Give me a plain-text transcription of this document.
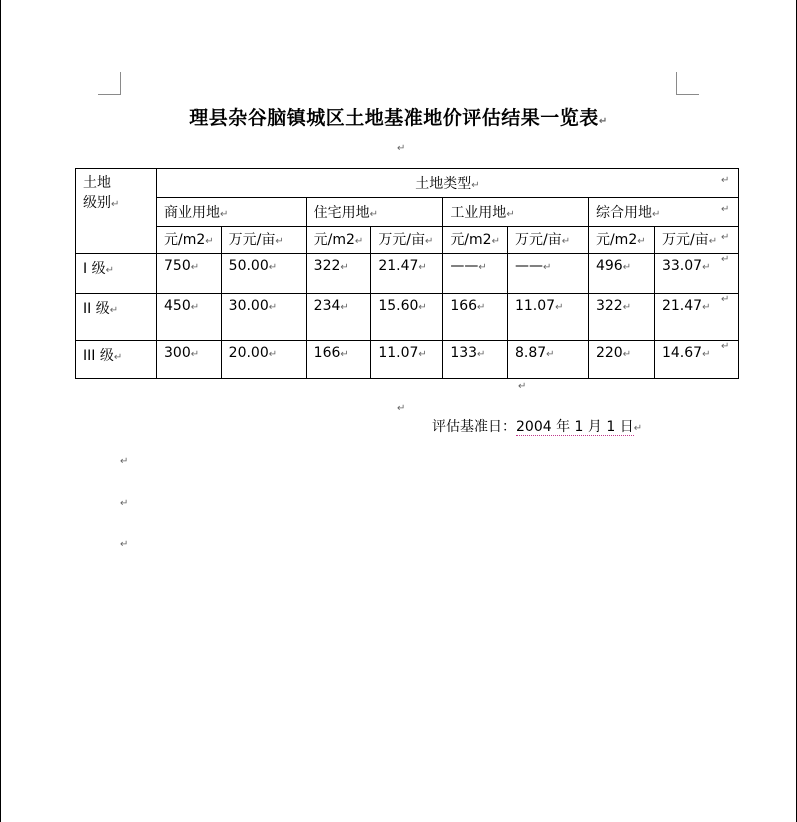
理县杂谷脑镇城区土地基准地价评估结果一览表↵
↵
土地
级别↵	土地类型↵							
	商业用地↵		住宅用地↵		工业用地↵		综合用地↵	
	元/m2↵	万元/亩↵	元/m2↵	万元/亩↵	元/m2↵	万元/亩↵	元/m2↵	万元/亩↵
I 级↵	750↵	50.00↵	322↵	21.47↵	——↵	——↵	496↵	33.07↵
II 级↵	450↵	30.00↵	234↵	15.60↵	166↵	11.07↵	322↵	21.47↵
III 级↵	300↵	20.00↵	166↵	11.07↵	133↵	8.87↵	220↵	14.67↵
↵
↵
↵
↵
↵
↵
↵
↵
评估基准日：2004 年 1 月 1 日↵
↵
↵
↵
